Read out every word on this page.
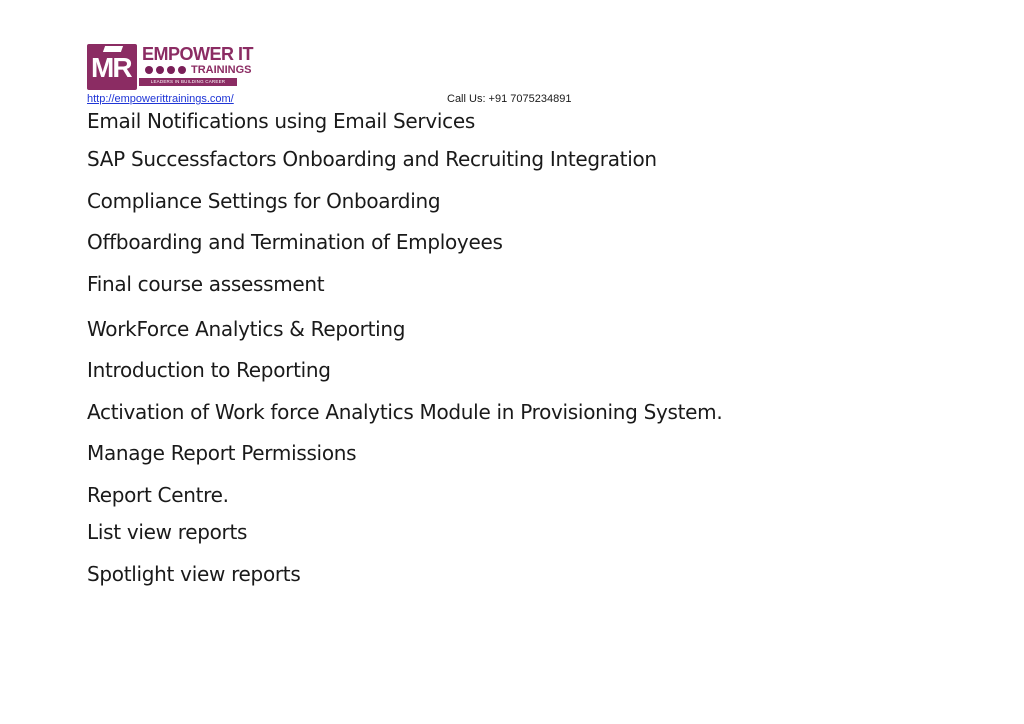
MR EMPOWER IT
TRAININGS
LEADERS IN BUILDING CAREER
http://empowerittrainings.com/	Call Us: +91 7075234891
Email Notifications using Email Services
SAP Successfactors Onboarding and Recruiting Integration
Compliance Settings for Onboarding
Offboarding and Termination of Employees
Final course assessment
WorkForce Analytics & Reporting
Introduction to Reporting
Activation of Work force Analytics Module in Provisioning System.
Manage Report Permissions
Report Centre.
List view reports
Spotlight view reports
